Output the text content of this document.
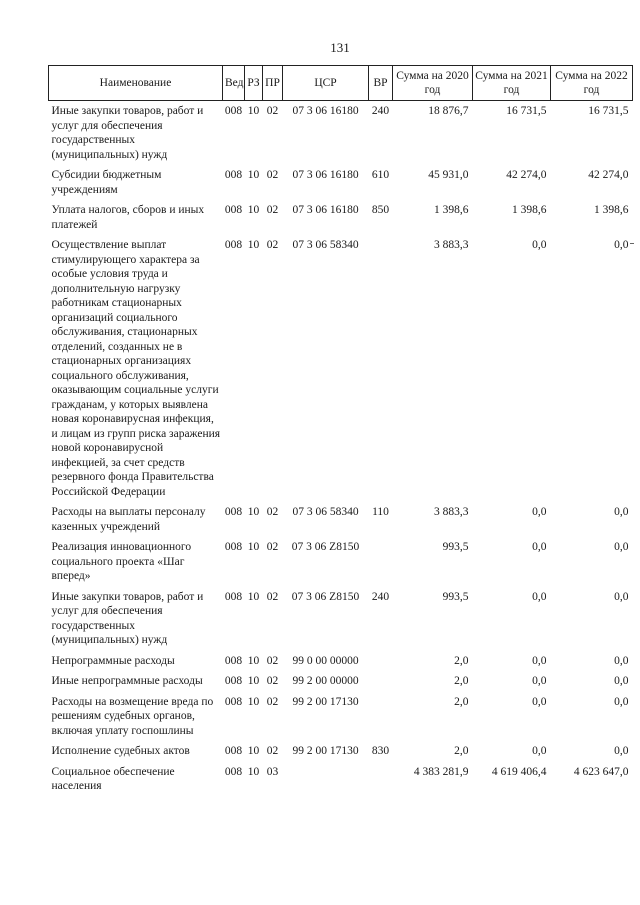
131
Наименование	Вед	РЗ	ПР	ЦСР	ВР	Сумма на 2020 год	Сумма на 2021 год	Сумма на 2022 год
Иные закупки товаров, работ и услуг для обеспечения государственных (муниципальных) нужд	008	10	02	07 3 06 16180	240	18 876,7	16 731,5	16 731,5
Субсидии бюджетным учреждениям	008	10	02	07 3 06 16180	610	45 931,0	42 274,0	42 274,0
Уплата налогов, сборов и иных платежей	008	10	02	07 3 06 16180	850	1 398,6	1 398,6	1 398,6
Осуществление выплат стимулирующего характера за особые условия труда и дополнительную нагрузку работникам стационарных организаций социального обслуживания, стационарных отделений, созданных не в стационарных организациях социального обслуживания, оказывающим социальные услуги гражданам, у которых выявлена новая коронавирусная инфекция, и лицам из групп риска заражения новой коронавирусной инфекцией, за счет средств резервного фонда Правительства Российской Федерации	008	10	02	07 3 06 58340		3 883,3	0,0	0,0
Расходы на выплаты персоналу казенных учреждений	008	10	02	07 3 06 58340	110	3 883,3	0,0	0,0
Реализация инновационного социального проекта «Шаг вперед»	008	10	02	07 3 06 Z8150		993,5	0,0	0,0
Иные закупки товаров, работ и услуг для обеспечения государственных (муниципальных) нужд	008	10	02	07 3 06 Z8150	240	993,5	0,0	0,0
Непрограммные расходы	008	10	02	99 0 00 00000		2,0	0,0	0,0
Иные непрограммные расходы	008	10	02	99 2 00 00000		2,0	0,0	0,0
Расходы на возмещение вреда по решениям судебных органов, включая уплату госпошлины	008	10	02	99 2 00 17130		2,0	0,0	0,0
Исполнение судебных актов	008	10	02	99 2 00 17130	830	2,0	0,0	0,0
Социальное обеспечение населения	008	10	03			4 383 281,9	4 619 406,4	4 623 647,0
